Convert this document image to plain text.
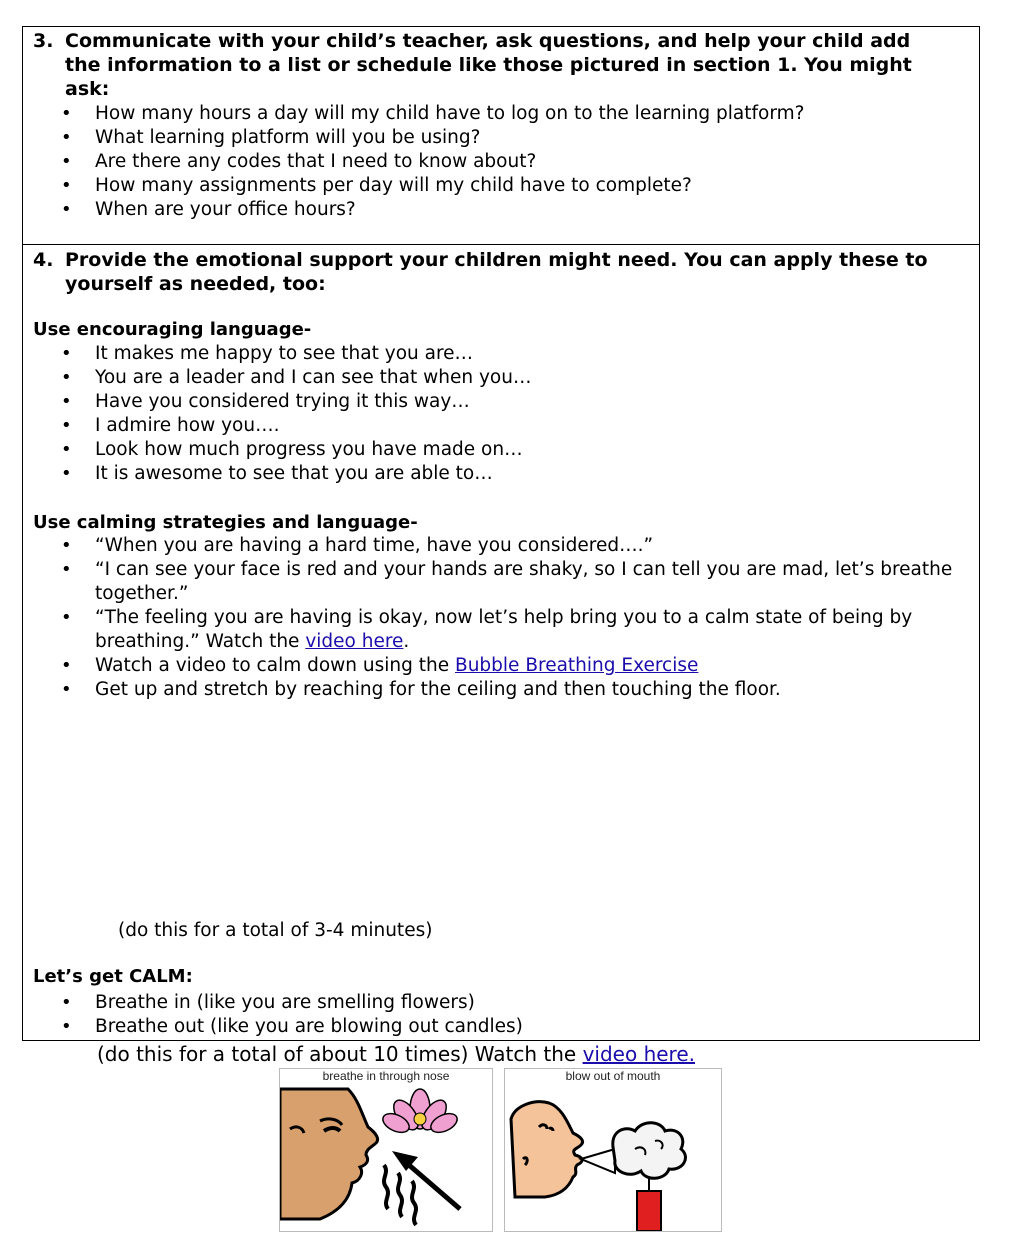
3. Communicate with your child’s teacher, ask questions, and help your child add the information to a list or schedule like those pictured in section 1. You might ask:
• How many hours a day will my child have to log on to the learning platform?
• What learning platform will you be using?
• Are there any codes that I need to know about?
• How many assignments per day will my child have to complete?
• When are your office hours?
4. Provide the emotional support your children might need. You can apply these to yourself as needed, too:
Use encouraging language-
• It makes me happy to see that you are…
• You are a leader and I can see that when you…
• Have you considered trying it this way…
• I admire how you….
• Look how much progress you have made on…
• It is awesome to see that you are able to…
Use calming strategies and language-
• “When you are having a hard time, have you considered….”
• “I can see your face is red and your hands are shaky, so I can tell you are mad, let’s breathe together.”
• “The feeling you are having is okay, now let’s help bring you to a calm state of being by breathing.” Watch the video here.
• Watch a video to calm down using the Bubble Breathing Exercise
• Get up and stretch by reaching for the ceiling and then touching the floor.
(do this for a total of 3-4 minutes)
Let’s get CALM:
• Breathe in (like you are smelling flowers)
• Breathe out (like you are blowing out candles)
(do this for a total of about 10 times) Watch the video here.
breathe in through nose	blow out of mouth
